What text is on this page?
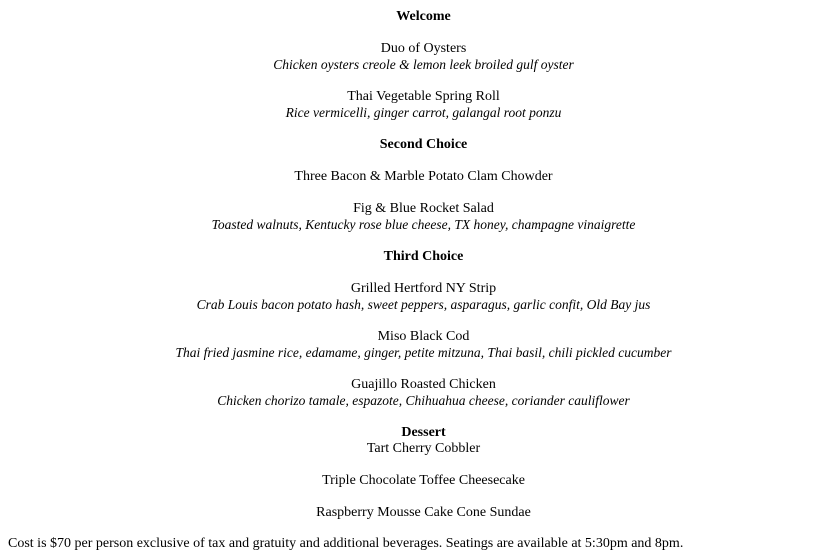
Welcome
Duo of Oysters
Chicken oysters creole & lemon leek broiled gulf oyster
Thai Vegetable Spring Roll
Rice vermicelli, ginger carrot, galangal root ponzu
Second Choice
Three Bacon & Marble Potato Clam Chowder
Fig & Blue Rocket Salad
Toasted walnuts, Kentucky rose blue cheese, TX honey, champagne vinaigrette
Third Choice
Grilled Hertford NY Strip
Crab Louis bacon potato hash, sweet peppers, asparagus, garlic confit, Old Bay jus
Miso Black Cod
Thai fried jasmine rice, edamame, ginger, petite mitzuna, Thai basil, chili pickled cucumber
Guajillo Roasted Chicken
Chicken chorizo tamale, espazote, Chihuahua cheese, coriander cauliflower
Dessert
Tart Cherry Cobbler
Triple Chocolate Toffee Cheesecake
Raspberry Mousse Cake Cone Sundae
Cost is $70 per person exclusive of tax and gratuity and additional beverages. Seatings are available at 5:30pm and 8pm.
